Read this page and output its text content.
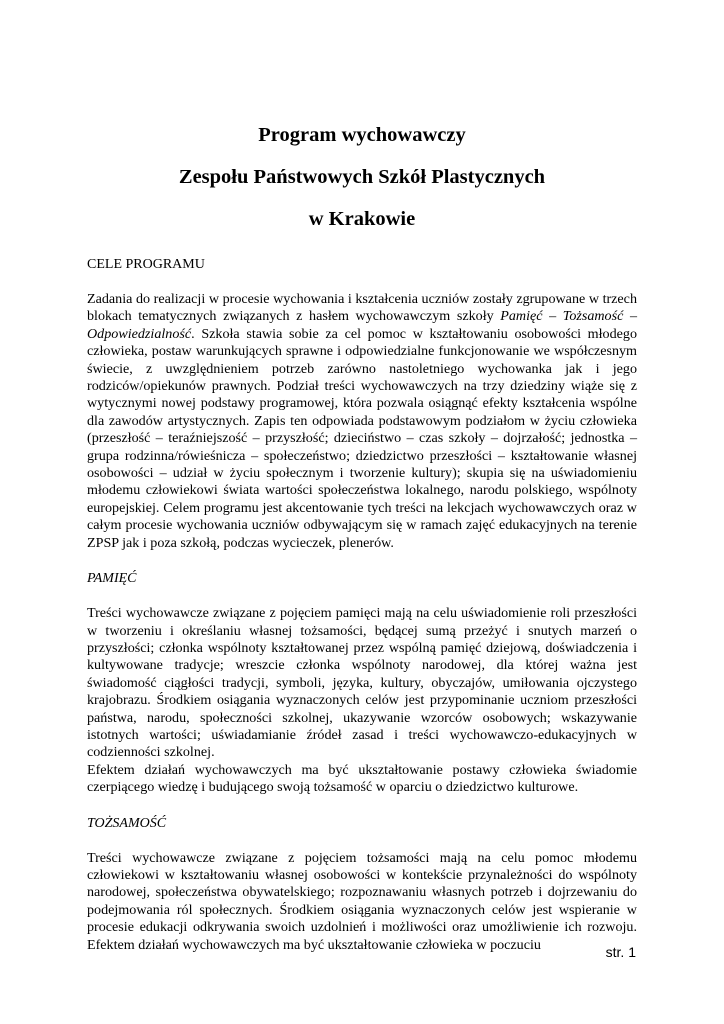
Program wychowawczy
Zespołu Państwowych Szkół Plastycznych
w Krakowie
CELE PROGRAMU

Zadania do realizacji w procesie wychowania i kształcenia uczniów zostały zgrupowane w trzech blokach tematycznych związanych z hasłem wychowawczym szkoły Pamięć – Tożsamość – Odpowiedzialność. Szkoła stawia sobie za cel pomoc w kształtowaniu osobowości młodego człowieka, postaw warunkujących sprawne i odpowiedzialne funkcjonowanie we współczesnym świecie, z uwzględnieniem potrzeb zarówno nastoletniego wychowanka jak i jego rodziców/opiekunów prawnych. Podział treści wychowawczych na trzy dziedziny wiąże się z wytycznymi nowej podstawy programowej, która pozwala osiągnąć efekty kształcenia wspólne dla zawodów artystycznych. Zapis ten odpowiada podstawowym podziałom w życiu człowieka (przeszłość – teraźniejszość – przyszłość; dzieciństwo – czas szkoły – dojrzałość; jednostka – grupa rodzinna/rówieśnicza – społeczeństwo; dziedzictwo przeszłości – kształtowanie własnej osobowości – udział w życiu społecznym i tworzenie kultury); skupia się na uświadomieniu młodemu człowiekowi świata wartości społeczeństwa lokalnego, narodu polskiego, wspólnoty europejskiej. Celem programu jest akcentowanie tych treści na lekcjach wychowawczych oraz w całym procesie wychowania uczniów odbywającym się w ramach zajęć edukacyjnych na terenie ZPSP jak i poza szkołą, podczas wycieczek, plenerów.

PAMIĘĆ

Treści wychowawcze związane z pojęciem pamięci mają na celu uświadomienie roli przeszłości w tworzeniu i określaniu własnej tożsamości, będącej sumą przeżyć i snutych marzeń o przyszłości; członka wspólnoty kształtowanej przez wspólną pamięć dziejową, doświadczenia i kultywowane tradycje; wreszcie członka wspólnoty narodowej, dla której ważna jest świadomość ciągłości tradycji, symboli, języka, kultury, obyczajów, umiłowania ojczystego krajobrazu. Środkiem osiągania wyznaczonych celów jest przypominanie uczniom przeszłości państwa, narodu, społeczności szkolnej, ukazywanie wzorców osobowych; wskazywanie istotnych wartości; uświadamianie źródeł zasad i treści wychowawczo-edukacyjnych w codzienności szkolnej.

Efektem działań wychowawczych ma być ukształtowanie postawy człowieka świadomie czerpiącego wiedzę i budującego swoją tożsamość w oparciu o dziedzictwo kulturowe.

TOŻSAMOŚĆ

Treści wychowawcze związane z pojęciem tożsamości mają na celu pomoc młodemu człowiekowi w kształtowaniu własnej osobowości w kontekście przynależności do wspólnoty narodowej, społeczeństwa obywatelskiego; rozpoznawaniu własnych potrzeb i dojrzewaniu do podejmowania ról społecznych. Środkiem osiągania wyznaczonych celów jest wspieranie w procesie edukacji odkrywania swoich uzdolnień i możliwości oraz umożliwienie ich rozwoju. Efektem działań wychowawczych ma być ukształtowanie człowieka w poczuciu	str. 1
